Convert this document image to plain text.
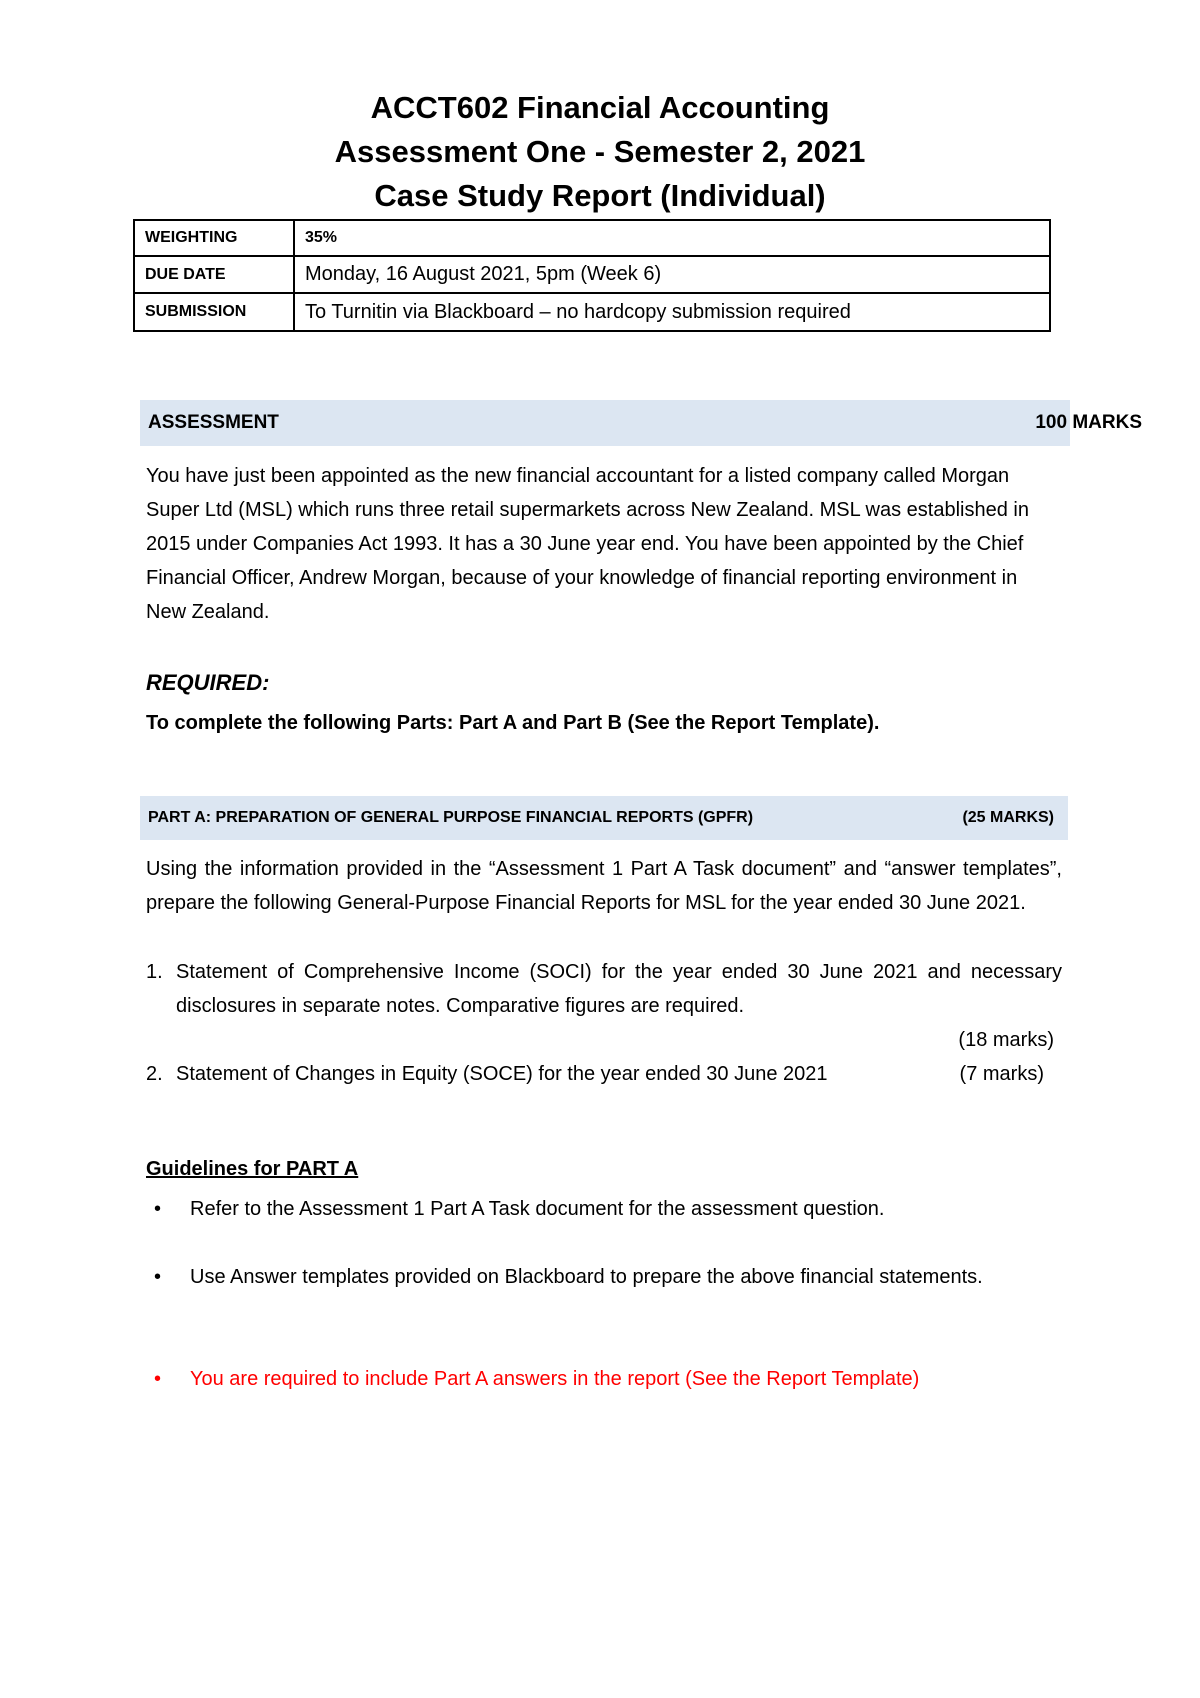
ACCT602 Financial Accounting
Assessment One - Semester 2, 2021
Case Study Report (Individual)
WEIGHTING	35%
DUE DATE	Monday, 16 August 2021, 5pm (Week 6)
SUBMISSION	To Turnitin via Blackboard – no hardcopy submission required
ASSESSMENT	100 MARKS
You have just been appointed as the new financial accountant for a listed company called Morgan Super Ltd (MSL) which runs three retail supermarkets across New Zealand. MSL was established in 2015 under Companies Act 1993. It has a 30 June year end. You have been appointed by the Chief Financial Officer, Andrew Morgan, because of your knowledge of financial reporting environment in New Zealand.
REQUIRED:
To complete the following Parts: Part A and Part B (See the Report Template).
PART A: PREPARATION OF GENERAL PURPOSE FINANCIAL REPORTS (GPFR)	(25 MARKS)
Using the information provided in the “Assessment 1 Part A Task document” and “answer templates”, prepare the following General-Purpose Financial Reports for MSL for the year ended 30 June 2021.
1. Statement of Comprehensive Income (SOCI) for the year ended 30 June 2021 and necessary disclosures in separate notes. Comparative figures are required.
(18 marks)
2. Statement of Changes in Equity (SOCE) for the year ended 30 June 2021	(7 marks)
Guidelines for PART A
•	Refer to the Assessment 1 Part A Task document for the assessment question.
•	Use Answer templates provided on Blackboard to prepare the above financial statements.
•	You are required to include Part A answers in the report (See the Report Template)
